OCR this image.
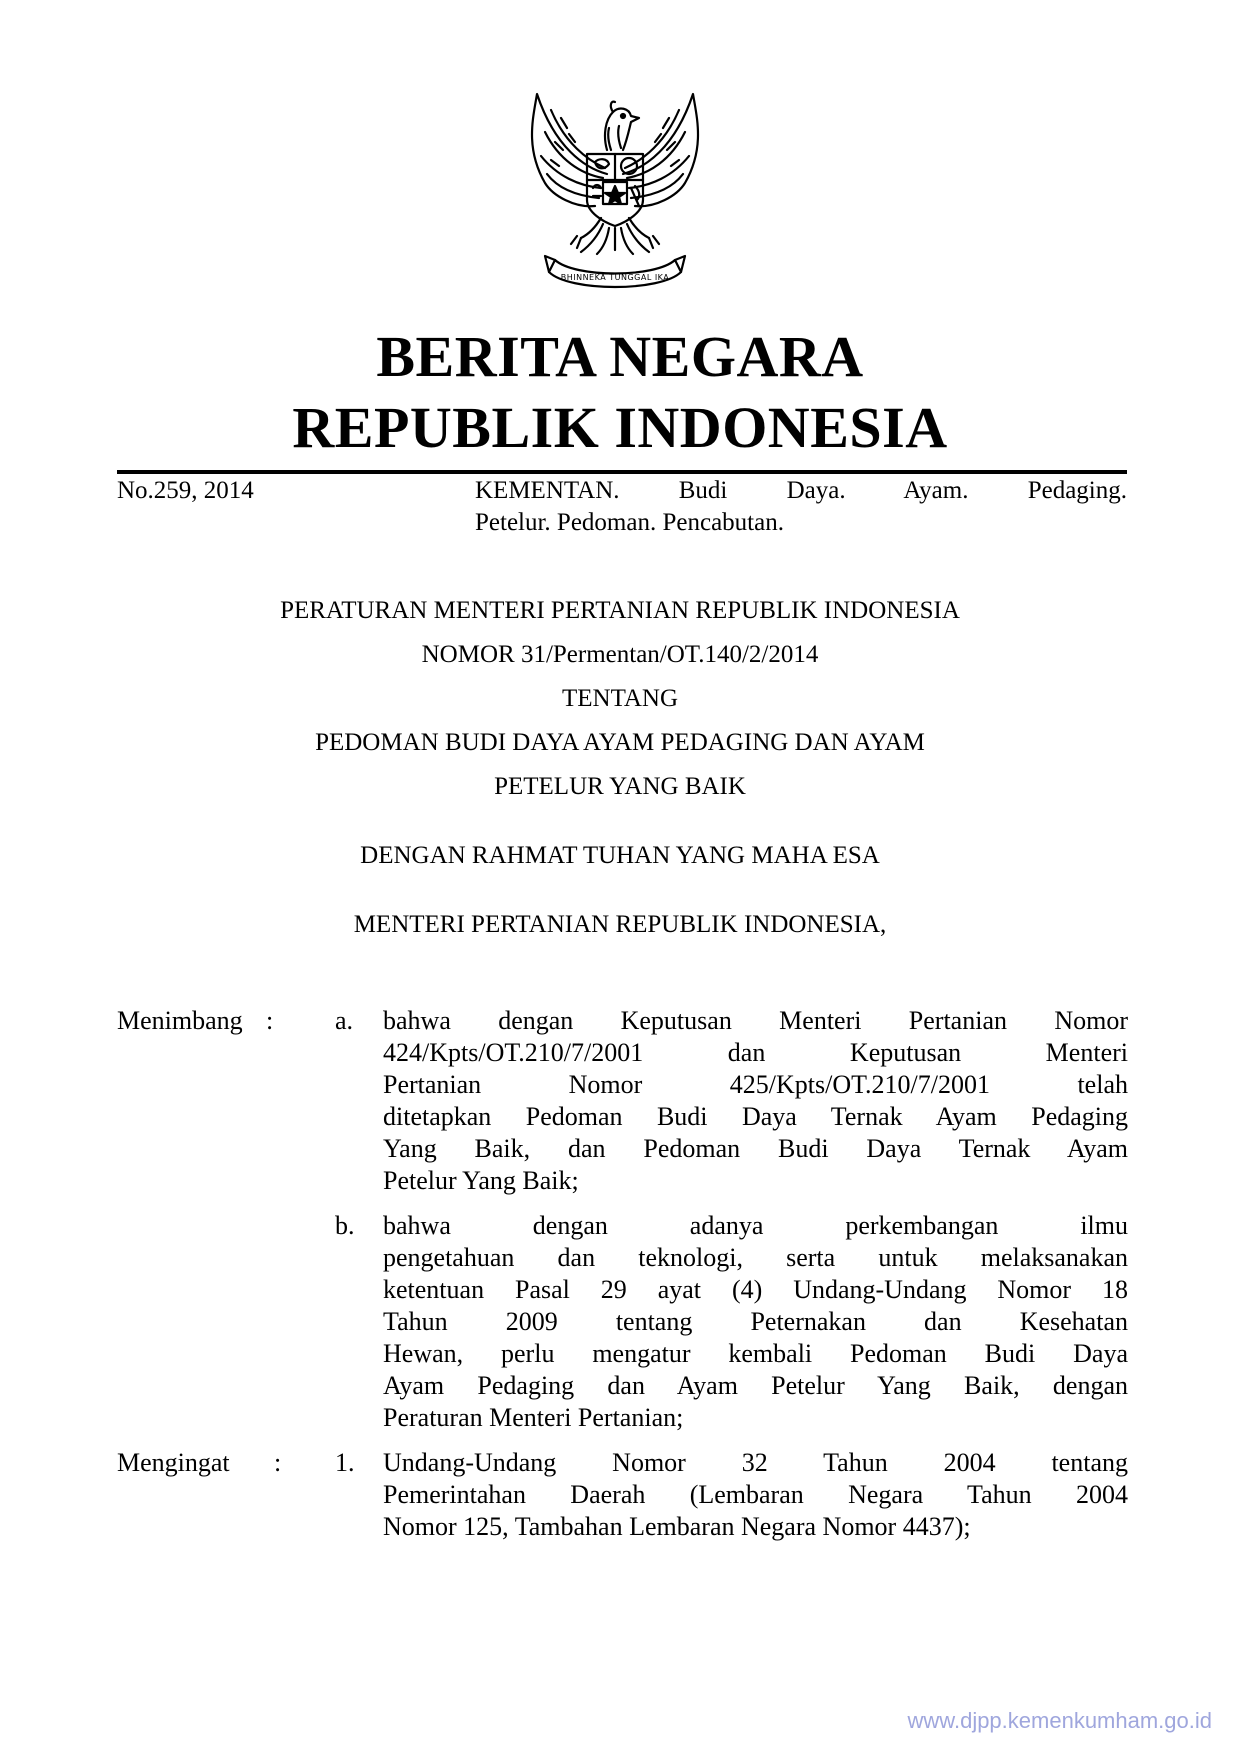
BHINNEKA TUNGGAL IKA
BERITA NEGARA
REPUBLIK INDONESIA
No.259, 2014	KEMENTAN. Budi Daya. Ayam. Pedaging.
Petelur. Pedoman. Pencabutan.
PERATURAN MENTERI PERTANIAN REPUBLIK INDONESIA
NOMOR 31/Permentan/OT.140/2/2014
TENTANG
PEDOMAN BUDI DAYA AYAM PEDAGING DAN AYAM
PETELUR YANG BAIK
DENGAN RAHMAT TUHAN YANG MAHA ESA
MENTERI PERTANIAN REPUBLIK INDONESIA,
Menimbang : a. bahwa dengan Keputusan Menteri Pertanian Nomor
424/Kpts/OT.210/7/2001 dan Keputusan Menteri
Pertanian Nomor 425/Kpts/OT.210/7/2001 telah
ditetapkan Pedoman Budi Daya Ternak Ayam Pedaging
Yang Baik, dan Pedoman Budi Daya Ternak Ayam
Petelur Yang Baik;
b. bahwa dengan adanya perkembangan ilmu
pengetahuan dan teknologi, serta untuk melaksanakan
ketentuan Pasal 29 ayat (4) Undang-Undang Nomor 18
Tahun 2009 tentang Peternakan dan Kesehatan
Hewan, perlu mengatur kembali Pedoman Budi Daya
Ayam Pedaging dan Ayam Petelur Yang Baik, dengan
Peraturan Menteri Pertanian;
Mengingat : 1. Undang-Undang Nomor 32 Tahun 2004 tentang
Pemerintahan Daerah (Lembaran Negara Tahun 2004
Nomor 125, Tambahan Lembaran Negara Nomor 4437);
www.djpp.kemenkumham.go.id
